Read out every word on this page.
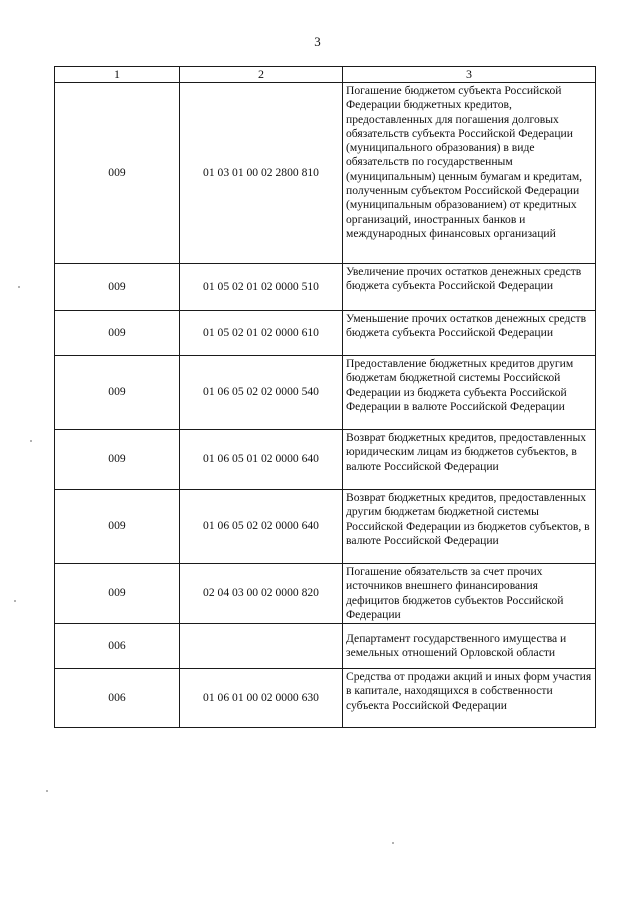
3
1	2	3
009	01 03 01 00 02 2800 810	Погашение бюджетом субъекта Российской Федерации бюджетных кредитов, предоставленных для погашения долговых обязательств субъекта Российской Федерации (муниципального образования) в виде обязательств по государственным (муниципальным) ценным бумагам и кредитам, полученным субъектом Российской Федерации (муниципальным образованием) от кредитных организаций, иностранных банков и международных финансовых организаций
009	01 05 02 01 02 0000 510	Увеличение прочих остатков денежных средств бюджета субъекта Российской Федерации
009	01 05 02 01 02 0000 610	Уменьшение прочих остатков денежных средств бюджета субъекта Российской Федерации
009	01 06 05 02 02 0000 540	Предоставление бюджетных кредитов другим бюджетам бюджетной системы Российской Федерации из бюджета субъекта Российской Федерации в валюте Российской Федерации
009	01 06 05 01 02 0000 640	Возврат бюджетных кредитов, предоставленных юридическим лицам из бюджетов субъектов, в валюте Российской Федерации
009	01 06 05 02 02 0000 640	Возврат бюджетных кредитов, предоставленных другим бюджетам бюджетной системы Российской Федерации из бюджетов субъектов, в валюте Российской Федерации
009	02 04 03 00 02 0000 820	Погашение обязательств за счет прочих источников внешнего финансирования дефицитов бюджетов субъектов Российской Федерации
006		Департамент государственного имущества и земельных отношений Орловской области
006	01 06 01 00 02 0000 630	Средства от продажи акций и иных форм участия в капитале, находящихся в собственности субъекта Российской Федерации
